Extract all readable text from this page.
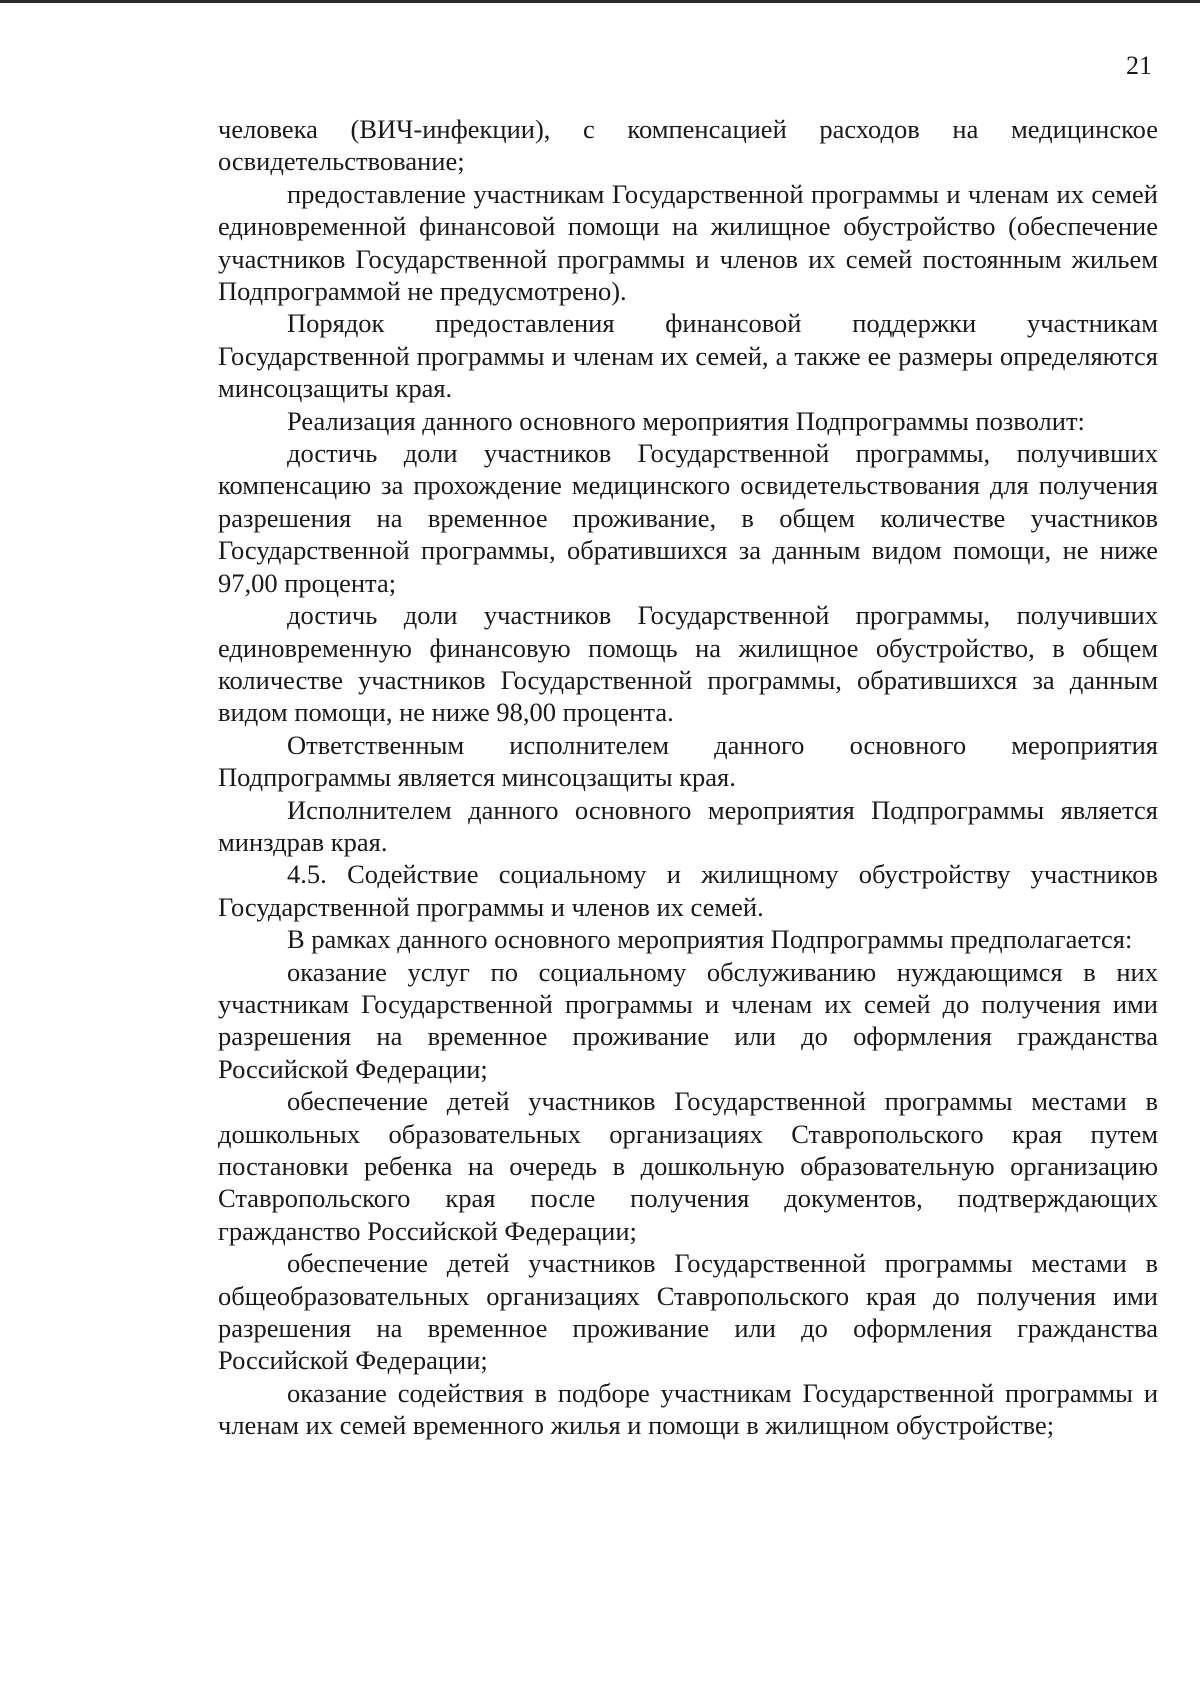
21

человека (ВИЧ-инфекции), с компенсацией расходов на медицинское освидетельствование;

предоставление участникам Государственной программы и членам их семей единовременной финансовой помощи на жилищное обустройство (обеспечение участников Государственной программы и членов их семей постоянным жильем Подпрограммой не предусмотрено).

Порядок предоставления финансовой поддержки участникам Государственной программы и членам их семей, а также ее размеры определяются минсоцзащиты края.

Реализация данного основного мероприятия Подпрограммы позволит:

достичь доли участников Государственной программы, получивших компенсацию за прохождение медицинского освидетельствования для получения разрешения на временное проживание, в общем количестве участников Государственной программы, обратившихся за данным видом помощи, не ниже 97,00 процента;

достичь доли участников Государственной программы, получивших единовременную финансовую помощь на жилищное обустройство, в общем количестве участников Государственной программы, обратившихся за данным видом помощи, не ниже 98,00 процента.

Ответственным исполнителем данного основного мероприятия Подпрограммы является минсоцзащиты края.

Исполнителем данного основного мероприятия Подпрограммы является минздрав края.

4.5. Содействие социальному и жилищному обустройству участников Государственной программы и членов их семей.

В рамках данного основного мероприятия Подпрограммы предполагается:

оказание услуг по социальному обслуживанию нуждающимся в них участникам Государственной программы и членам их семей до получения ими разрешения на временное проживание или до оформления гражданства Российской Федерации;

обеспечение детей участников Государственной программы местами в дошкольных образовательных организациях Ставропольского края путем постановки ребенка на очередь в дошкольную образовательную организацию Ставропольского края после получения документов, подтверждающих гражданство Российской Федерации;

обеспечение детей участников Государственной программы местами в общеобразовательных организациях Ставропольского края до получения ими разрешения на временное проживание или до оформления гражданства Российской Федерации;

оказание содействия в подборе участникам Государственной программы и членам их семей временного жилья и помощи в жилищном обустройстве;
